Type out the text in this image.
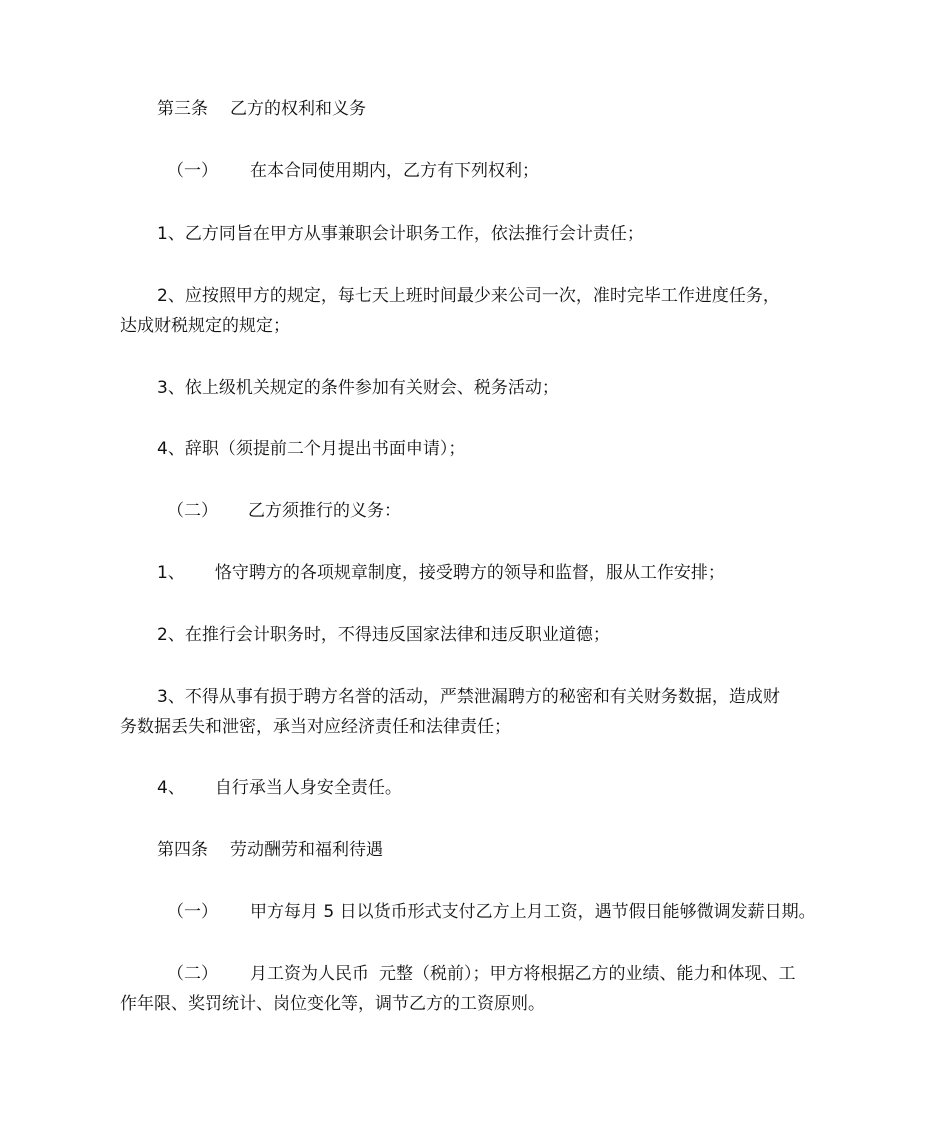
第三条 乙方的权利和义务
（一） 在本合同使用期内，乙方有下列权利；
1、乙方同旨在甲方从事兼职会计职务工作，依法推行会计责任；
2、应按照甲方的规定，每七天上班时间最少来公司一次，准时完毕工作进度任务，
达成财税规定的规定；
3、依上级机关规定的条件参加有关财会、税务活动；
4、辞职（须提前二个月提出书面申请）；
（二） 乙方须推行的义务：
1、 恪守聘方的各项规章制度，接受聘方的领导和监督，服从工作安排；
2、在推行会计职务时，不得违反国家法律和违反职业道德；
3、不得从事有损于聘方名誉的活动，严禁泄漏聘方的秘密和有关财务数据，造成财
务数据丢失和泄密，承当对应经济责任和法律责任；
4、 自行承当人身安全责任。
第四条 劳动酬劳和福利待遇
（一） 甲方每月 5 日以货币形式支付乙方上月工资，遇节假日能够微调发薪日期。
（二） 月工资为人民币 元整（税前）；甲方将根据乙方的业绩、能力和体现、工
作年限、奖罚统计、岗位变化等，调节乙方的工资原则。
